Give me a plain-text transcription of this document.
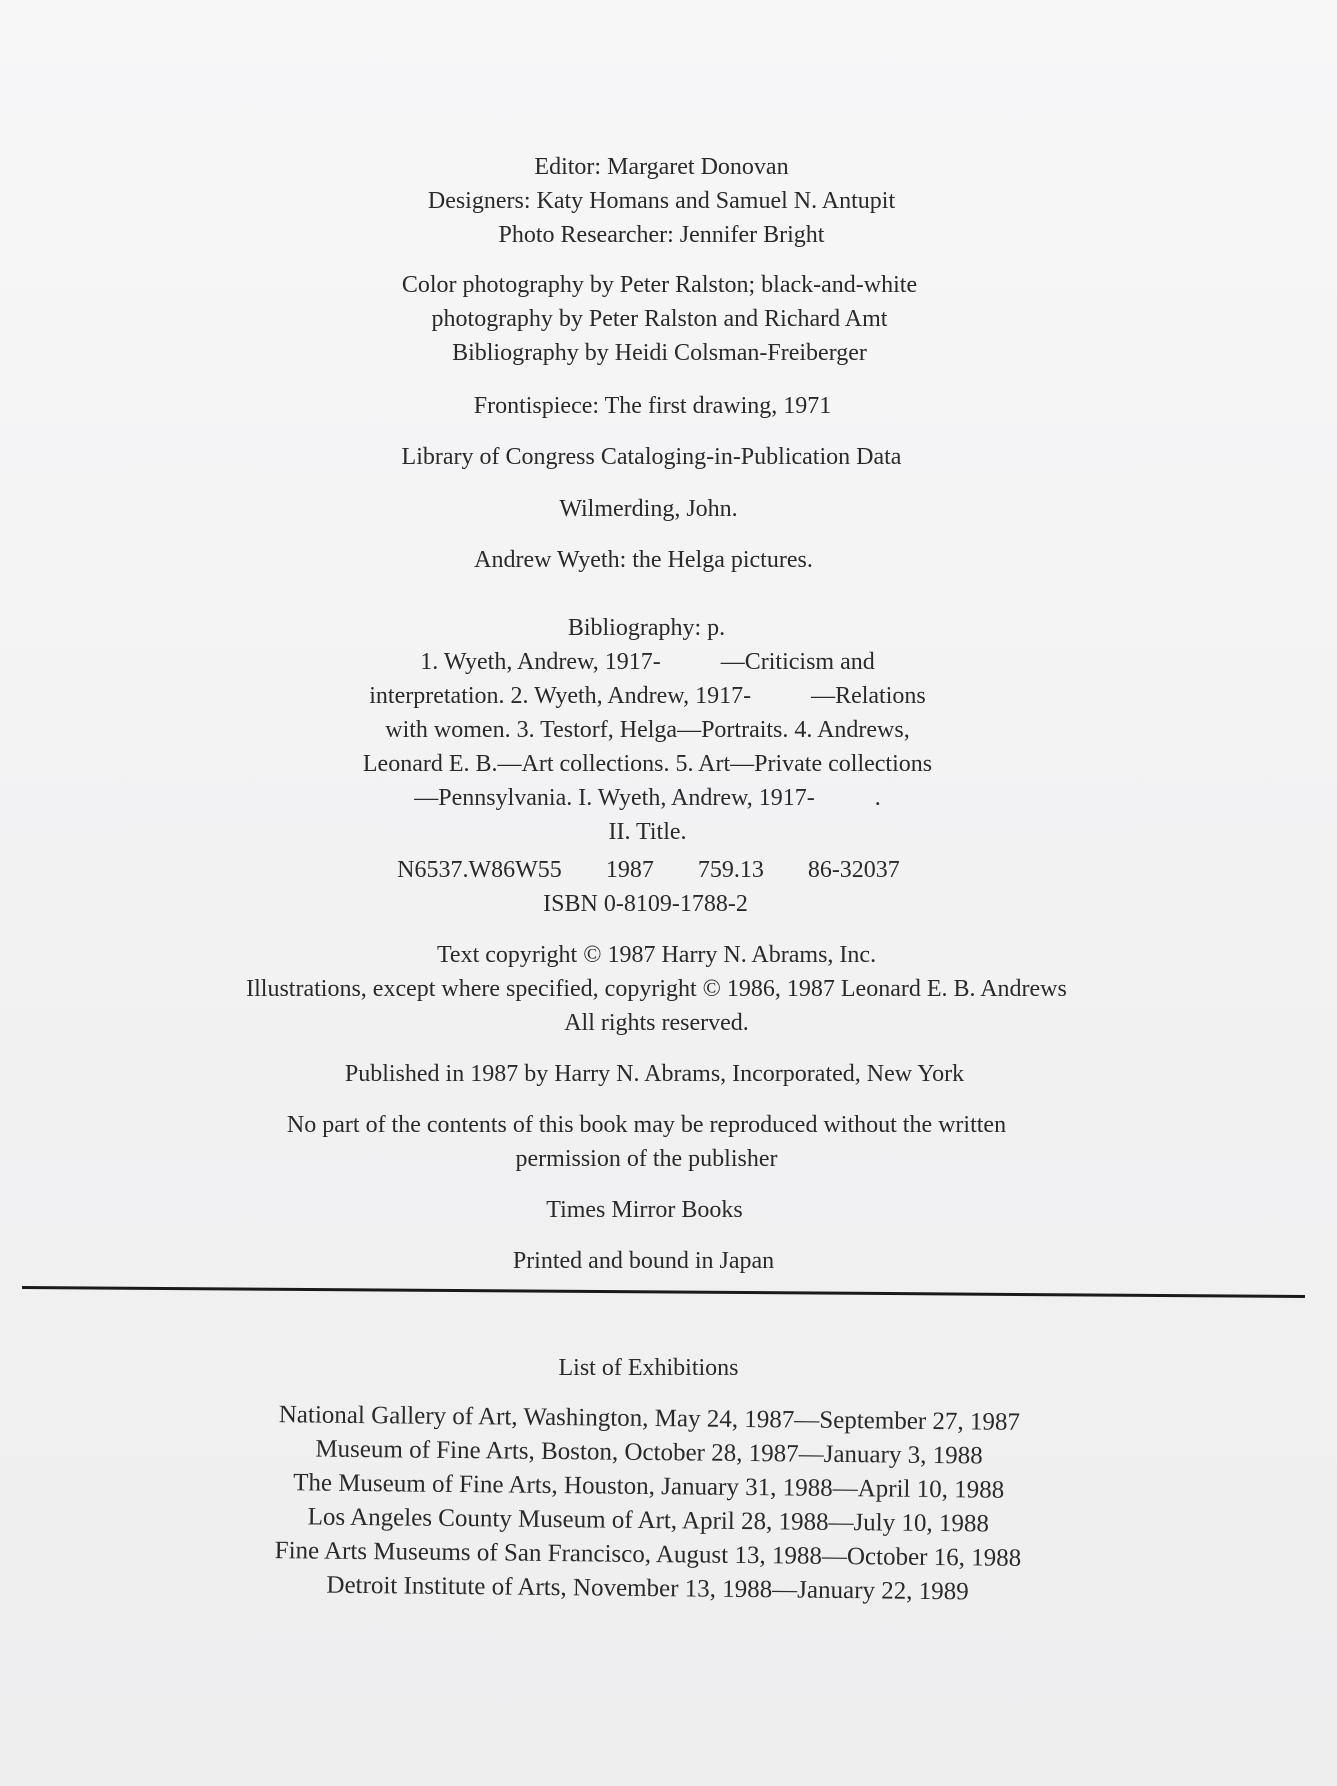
Editor: Margaret Donovan
Designers: Katy Homans and Samuel N. Antupit
Photo Researcher: Jennifer Bright
Color photography by Peter Ralston; black-and-white
photography by Peter Ralston and Richard Amt
Bibliography by Heidi Colsman-Freiberger
Frontispiece: The first drawing, 1971
Library of Congress Cataloging-in-Publication Data
Wilmerding, John.
Andrew Wyeth: the Helga pictures.
Bibliography: p.
1. Wyeth, Andrew, 1917-          —Criticism and
interpretation. 2. Wyeth, Andrew, 1917-          —Relations
with women. 3. Testorf, Helga—Portraits. 4. Andrews,
Leonard E. B.—Art collections. 5. Art—Private collections
—Pennsylvania. I. Wyeth, Andrew, 1917-          .
II. Title.
N6537.W86W55 1987 759.13 86-32037
ISBN 0-8109-1788-2
Text copyright © 1987 Harry N. Abrams, Inc.
Illustrations, except where specified, copyright © 1986, 1987 Leonard E. B. Andrews
All rights reserved.
Published in 1987 by Harry N. Abrams, Incorporated, New York
No part of the contents of this book may be reproduced without the written
permission of the publisher
Times Mirror Books
Printed and bound in Japan
List of Exhibitions
National Gallery of Art, Washington, May 24, 1987—September 27, 1987
Museum of Fine Arts, Boston, October 28, 1987—January 3, 1988
The Museum of Fine Arts, Houston, January 31, 1988—April 10, 1988
Los Angeles County Museum of Art, April 28, 1988—July 10, 1988
Fine Arts Museums of San Francisco, August 13, 1988—October 16, 1988
Detroit Institute of Arts, November 13, 1988—January 22, 1989
